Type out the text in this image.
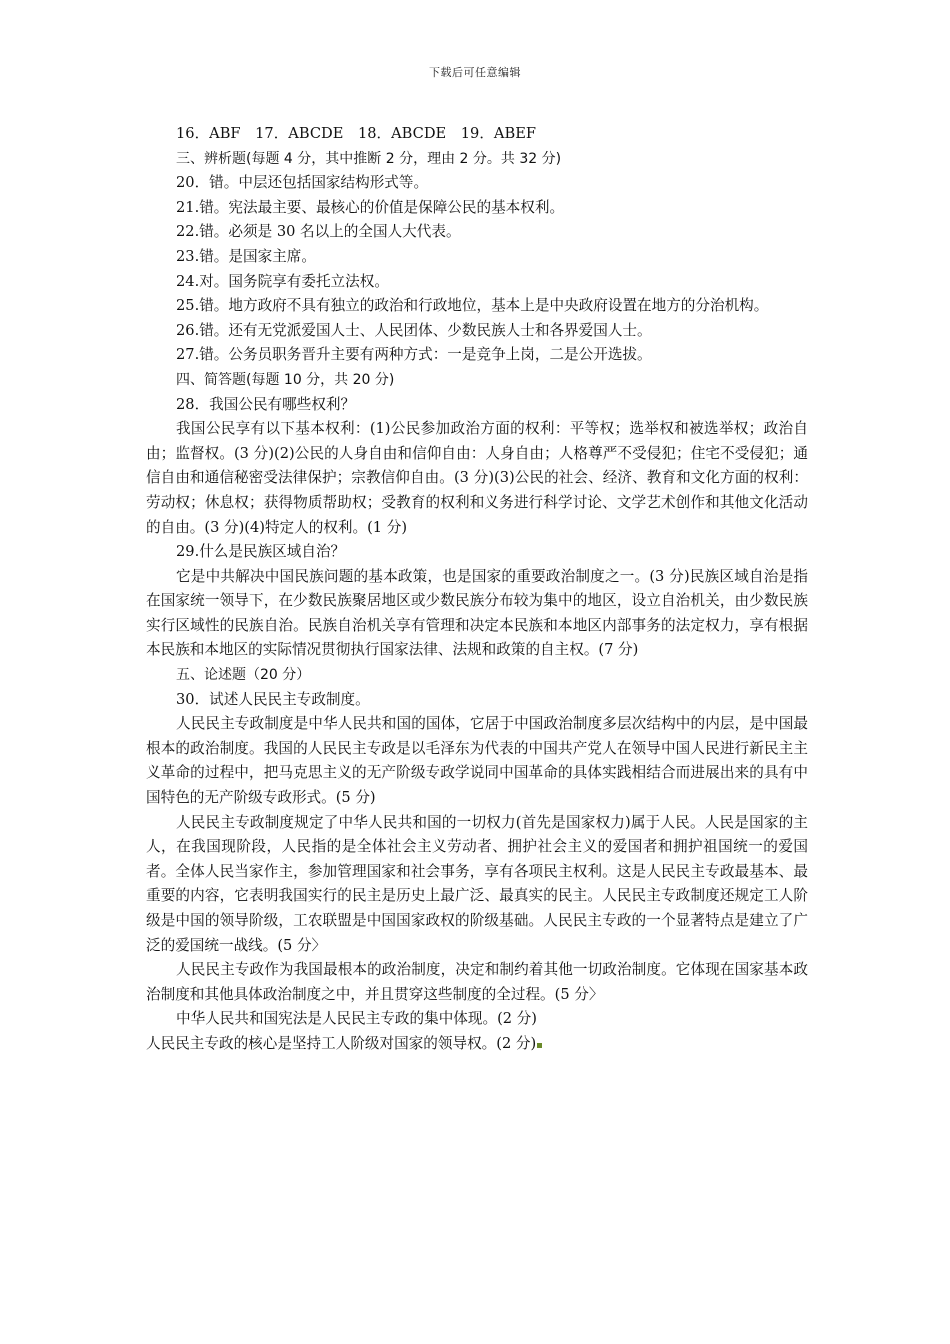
下载后可任意编辑

16．ABF　17．ABCDE　18．ABCDE　19．ABEF

三、辨析题(每题 4 分，其中推断 2 分，理由 2 分。共 32 分)

20．错。中层还包括国家结构形式等。

21.错。宪法最主要、最核心的价值是保障公民的基本权利。

22.错。必须是 30 名以上的全国人大代表。

23.错。是国家主席。

24.对。国务院享有委托立法权。

25.错。地方政府不具有独立的政治和行政地位，基本上是中央政府设置在地方的分治机构。

26.错。还有无党派爱国人士、人民团体、少数民族人士和各界爱国人士。

27.错。公务员职务晋升主要有两种方式：一是竞争上岗，二是公开选拔。

四、简答题(每题 10 分，共 20 分)

28．我国公民有哪些权利？

我国公民享有以下基本权利：(1)公民参加政治方面的权利：平等权；选举权和被选举权；政治自由；监督权。(3 分)(2)公民的人身自由和信仰自由：人身自由；人格尊严不受侵犯；住宅不受侵犯；通信自由和通信秘密受法律保护；宗教信仰自由。(3 分)(3)公民的社会、经济、教育和文化方面的权利：劳动权；休息权；获得物质帮助权；受教育的权利和义务进行科学讨论、文学艺术创作和其他文化活动的自由。(3 分)(4)特定人的权利。(1 分)

29.什么是民族区域自治？

它是中共解决中国民族问题的基本政策，也是国家的重要政治制度之一。(3 分)民族区域自治是指在国家统一领导下，在少数民族聚居地区或少数民族分布较为集中的地区，设立自治机关，由少数民族实行区域性的民族自治。民族自治机关享有管理和决定本民族和本地区内部事务的法定权力，享有根据本民族和本地区的实际情况贯彻执行国家法律、法规和政策的自主权。(7 分)

五、论述题（20 分）

30．试述人民民主专政制度。

人民民主专政制度是中华人民共和国的国体，它居于中国政治制度多层次结构中的内层，是中国最根本的政治制度。我国的人民民主专政是以毛泽东为代表的中国共产党人在领导中国人民进行新民主主义革命的过程中，把马克思主义的无产阶级专政学说同中国革命的具体实践相结合而进展出来的具有中国特色的无产阶级专政形式。(5 分)

人民民主专政制度规定了中华人民共和国的一切权力(首先是国家权力)属于人民。人民是国家的主人，在我国现阶段，人民指的是全体社会主义劳动者、拥护社会主义的爱国者和拥护祖国统一的爱国者。全体人民当家作主，参加管理国家和社会事务，享有各项民主权利。这是人民民主专政最基本、最重要的内容，它表明我国实行的民主是历史上最广泛、最真实的民主。人民民主专政制度还规定工人阶级是中国的领导阶级，工农联盟是中国国家政权的阶级基础。人民民主专政的一个显著特点是建立了广泛的爱国统一战线。(5 分〉

人民民主专政作为我国最根本的政治制度，决定和制约着其他一切政治制度。它体现在国家基本政治制度和其他具体政治制度之中，并且贯穿这些制度的全过程。(5 分〉

中华人民共和国宪法是人民民主专政的集中体现。(2 分)

人民民主专政的核心是坚持工人阶级对国家的领导权。(2 分)
